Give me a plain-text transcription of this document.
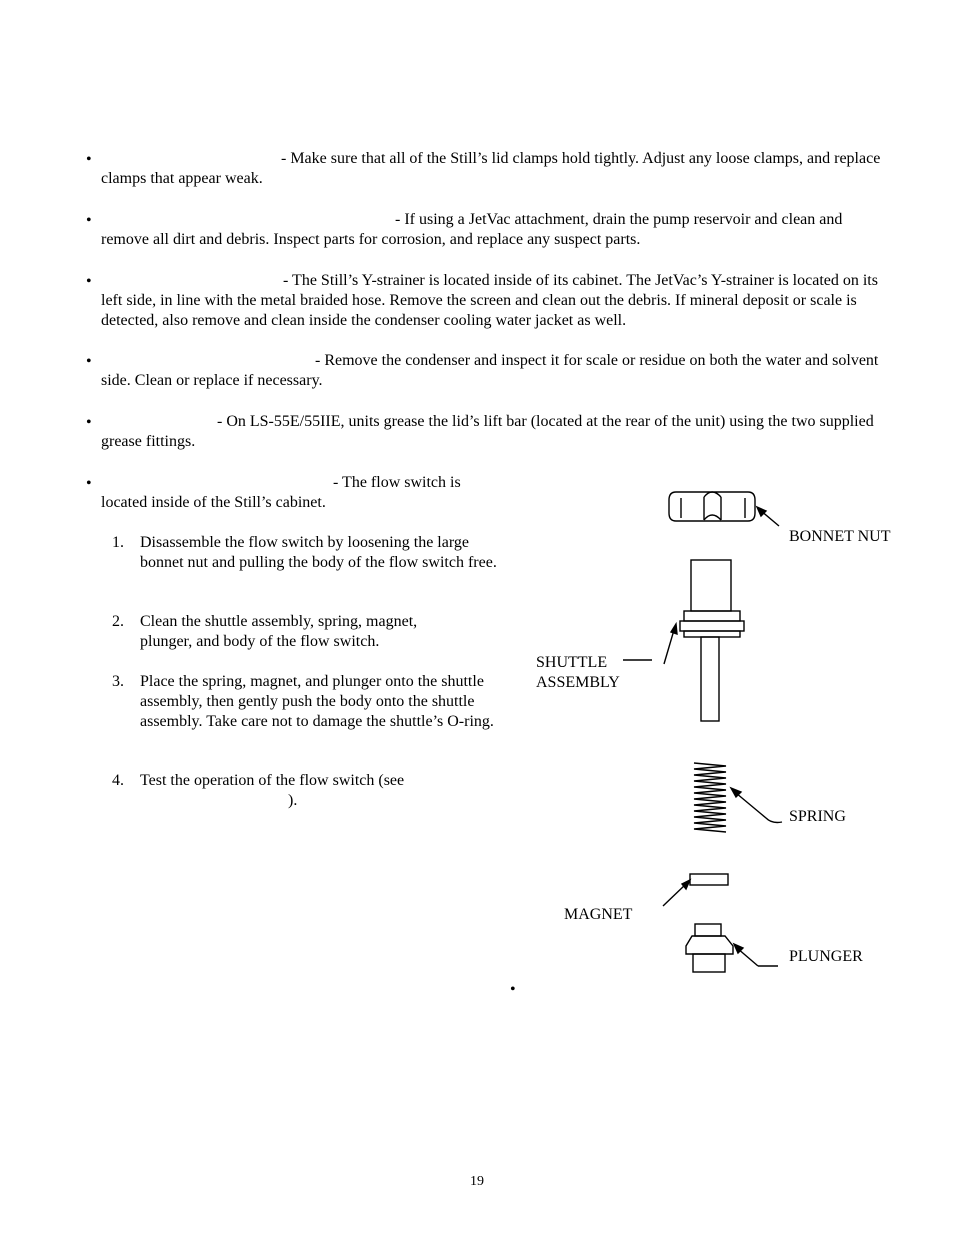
•	- Make sure that all of the Still’s lid clamps hold tightly. Adjust any loose clamps, and replace clamps that appear weak.
•	- If using a JetVac attachment, drain the pump reservoir and clean and remove all dirt and debris. Inspect parts for corrosion, and replace any suspect parts.
•	- The Still’s Y-strainer is located inside of its cabinet. The JetVac’s Y-strainer is located on its left side, in line with the metal braided hose. Remove the screen and clean out the debris. If mineral deposit or scale is detected, also remove and clean inside the condenser cooling water jacket as well.
•	- Remove the condenser and inspect it for scale or residue on both the water and solvent side. Clean or replace if necessary.
•	- On LS-55E/55IIE, units grease the lid’s lift bar (located at the rear of the unit) using the two supplied grease fittings.
•	- The flow switch is located inside of the Still’s cabinet.
1. Disassemble the flow switch by loosening the large bonnet nut and pulling the body of the flow switch free.
2. Clean the shuttle assembly, spring, magnet, plunger, and body of the flow switch.
3. Place the spring, magnet, and plunger onto the shuttle assembly, then gently push the body onto the shuttle assembly. Take care not to damage the shuttle’s O-ring.
4. Test the operation of the flow switch (see
).
BONNET NUT
SHUTTLE
ASSEMBLY
SPRING
MAGNET
PLUNGER
•
19
